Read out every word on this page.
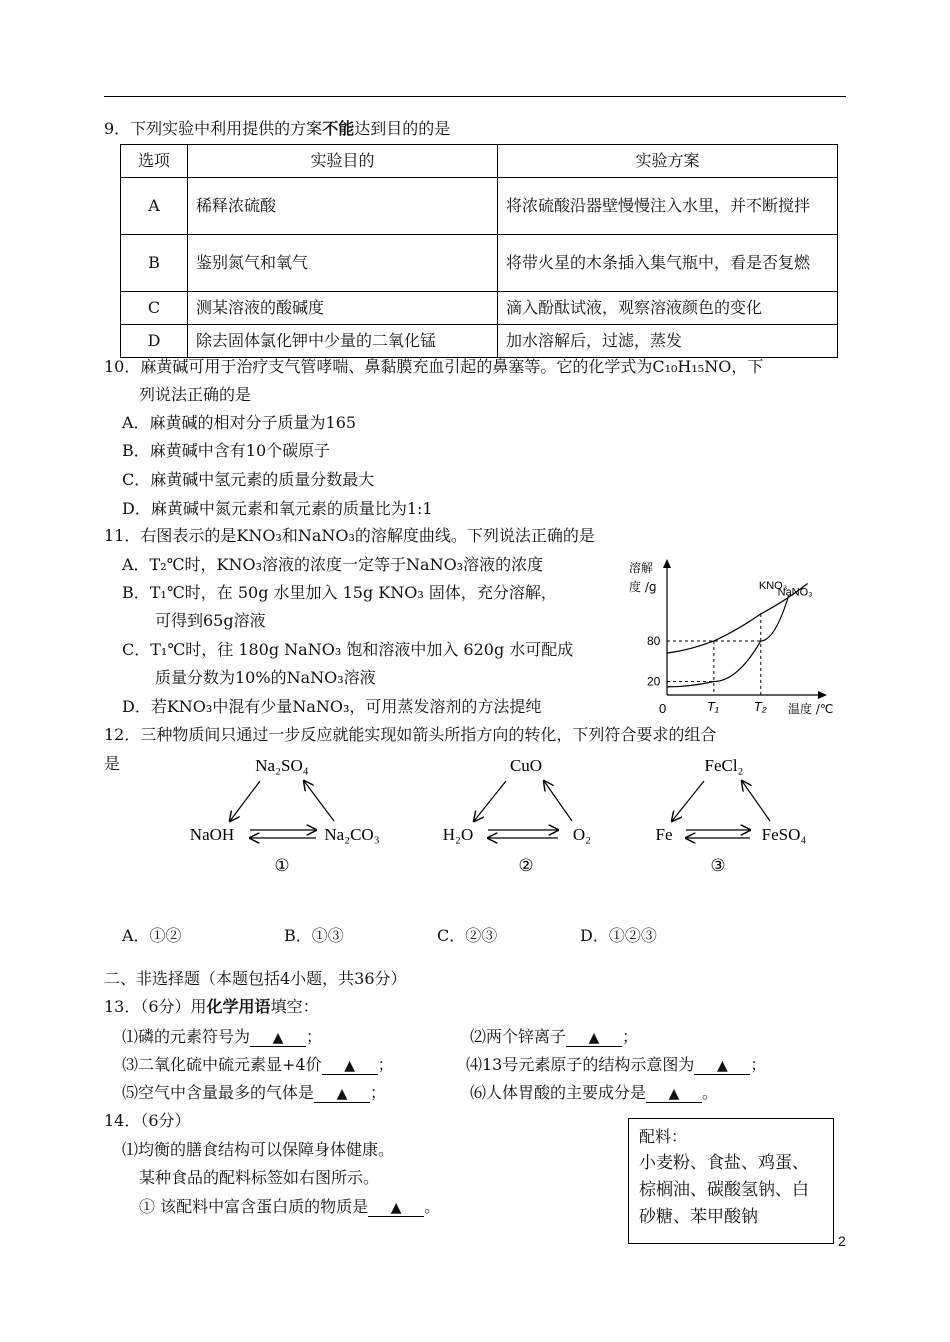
9．下列实验中利用提供的方案不能达到目的的是
选项	实验目的	实验方案
A	稀释浓硫酸	将浓硫酸沿器壁慢慢注入水里，并不断搅拌
B	鉴别氮气和氧气	将带火星的木条插入集气瓶中，看是否复燃
C	测某溶液的酸碱度	滴入酚酞试液，观察溶液颜色的变化
D	除去固体氯化钾中少量的二氧化锰	加水溶解后，过滤，蒸发
10．麻黄碱可用于治疗支气管哮喘、鼻黏膜充血引起的鼻塞等。它的化学式为C₁₀H₁₅NO，下
列说法正确的是
A．麻黄碱的相对分子质量为165
B．麻黄碱中含有10个碳原子
C．麻黄碱中氢元素的质量分数最大
D．麻黄碱中氮元素和氧元素的质量比为1:1
11．右图表示的是KNO₃和NaNO₃的溶解度曲线。下列说法正确的是
A．T₂℃时，KNO₃溶液的浓度一定等于NaNO₃溶液的浓度
B．T₁℃时，在 50g 水里加入 15g KNO₃ 固体，充分溶解，
可得到65g溶液
C．T₁℃时，往 180g NaNO₃ 饱和溶液中加入 620g 水可配成
质量分数为10%的NaNO₃溶液
D．若KNO₃中混有少量NaNO₃，可用蒸发溶剂的方法提纯
溶解
度 /g
温度 /℃
0
KNO₃
NaNO₃
20
80
T₁	T₂
12．三种物质间只通过一步反应就能实现如箭头所指方向的转化，下列符合要求的组合
是	Na₂SO₄
NaOH	Na₂CO₃
①
CuO
H₂O	O₂
②
FeCl₂
Fe	FeSO₄
③
A．①②	B．①③	C．②③	D．①②③
二、非选择题（本题包括4小题，共36分）
13．（6分）用化学用语填空：
⑴磷的元素符号为 ▲ ；	⑵两个锌离子 ▲ ；
⑶二氧化硫中硫元素显+4价 ▲ ；	⑷13号元素原子的结构示意图为 ▲ ；
⑸空气中含量最多的气体是 ▲ ；	⑹人体胃酸的主要成分是 ▲ 。
14．（6分）
⑴均衡的膳食结构可以保障身体健康。
某种食品的配料标签如右图所示。
① 该配料中富含蛋白质的物质是 ▲ 。
配料：
小麦粉、食盐、鸡蛋、
棕榈油、碳酸氢钠、白
砂糖、苯甲酸钠
2
